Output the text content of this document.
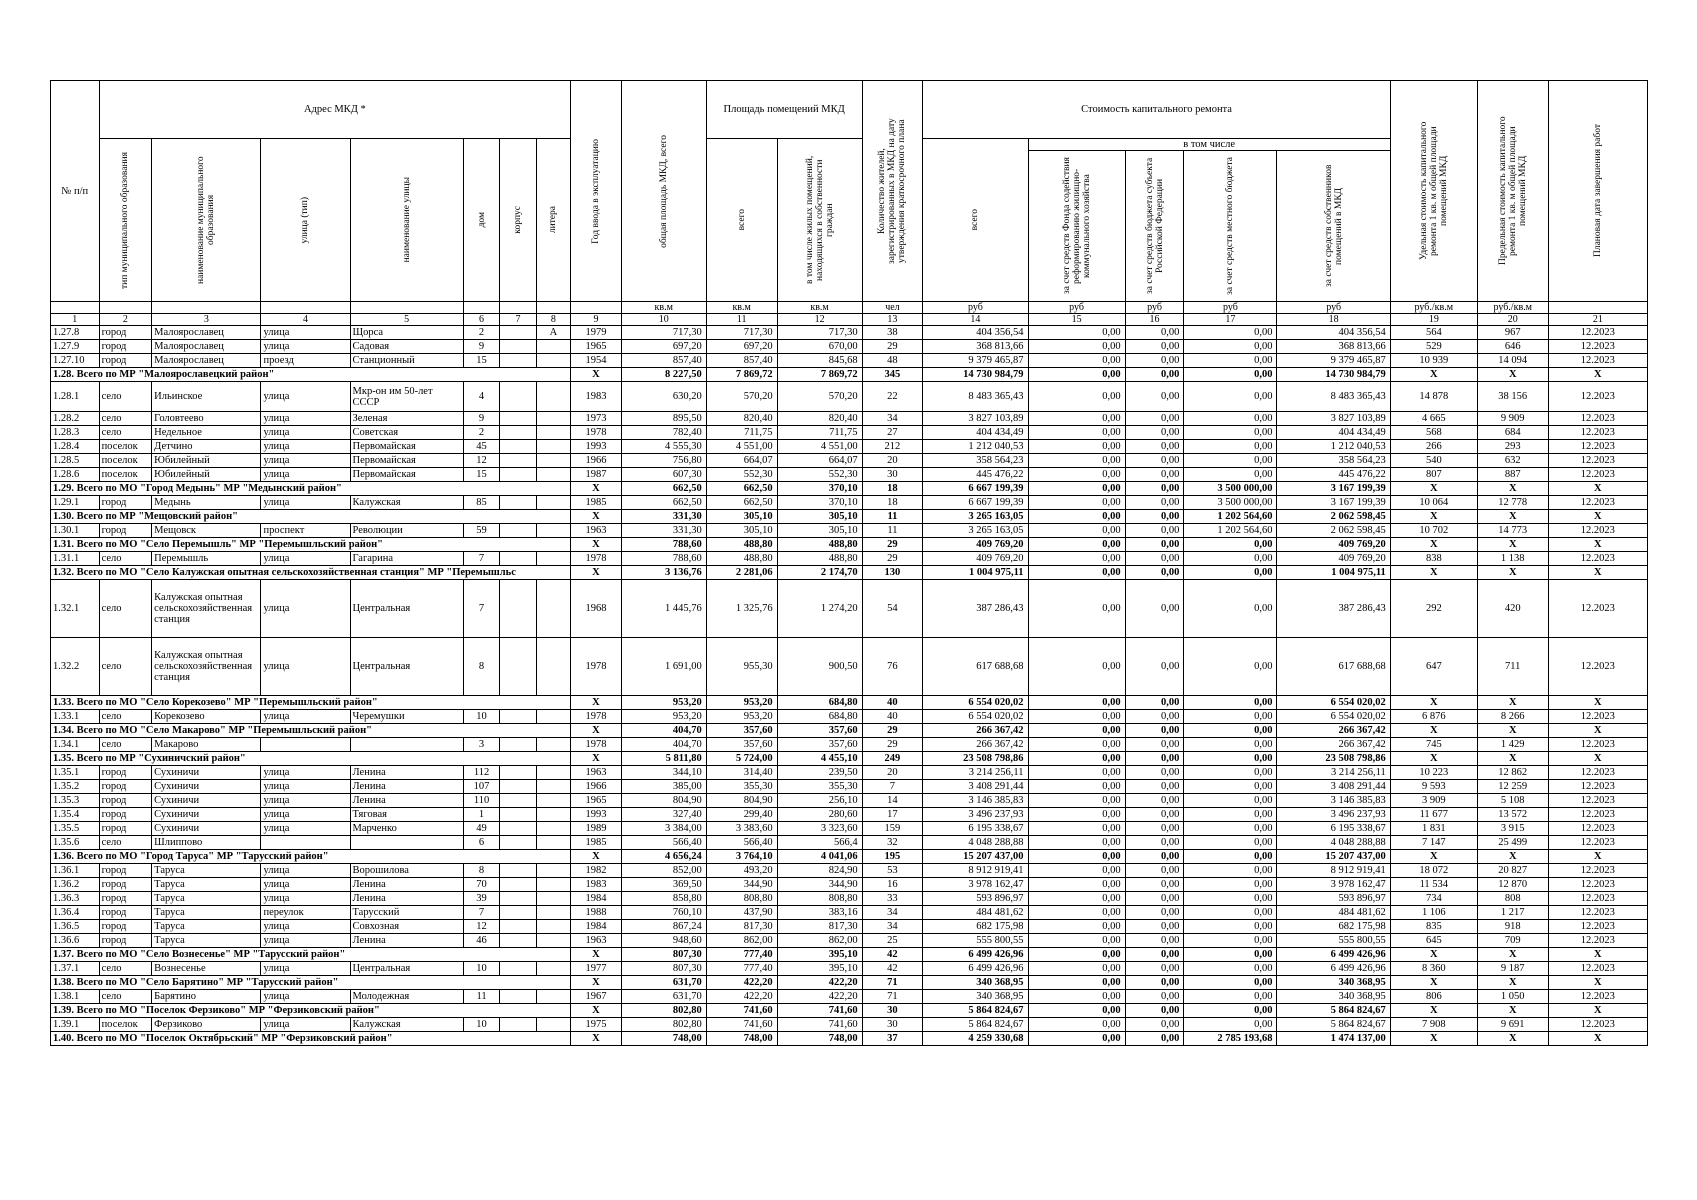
№ п/п	Адрес МКД *							Год ввода в эксплуатацию	общая площадь МКД, всего	Площадь помещений МКД		Количество жителей, зарегистрированных в МКД на дату утверждения краткосрочного плана	Стоимость капитального ремонта					Удельная стоимость капитального ремонта 1 кв. м общей площади помещений МКД	Предельная стоимость капитального ремонта 1 кв. м общей площади помещений МКД	Плановая дата завершения работ

	тип муниципального образования	наименование муниципального образования	улица (тип)	наименование улицы	дом	корпус	литера			всего	в том числе жилых помещений, находящихся в собственности граждан		всего	в том числе						

														за счет средств Фонда содействия реформированию жилищно-коммунального хозяйства	за счет средств бюджета субъекта Российской Федерации	за счет средств местного бюджета	за счет средств собственников помещений в МКД			

									кв.м	кв.м	кв.м	чел	руб	руб	руб	руб	руб	руб./кв.м	руб./кв.м	
1	2	3	4	5	6	7	8	9	10	11	12	13	14	15	16	17	18	19	20	21
1.27.8	город	Малоярославец	улица	Щорса	2		А	1979	717,30	717,30	717,30	38	404 356,54	0,00	0,00	0,00	404 356,54	564	967	12.2023
1.27.9	город	Малоярославец	улица	Садовая	9			1965	697,20	697,20	670,00	29	368 813,66	0,00	0,00	0,00	368 813,66	529	646	12.2023
1.27.10	город	Малоярославец	проезд	Станционный	15			1954	857,40	857,40	845,68	48	9 379 465,87	0,00	0,00	0,00	9 379 465,87	10 939	14 094	12.2023
1.28. Всего по МР "Малоярославецкий район"								X	8 227,50	7 869,72	7 869,72	345	14 730 984,79	0,00	0,00	0,00	14 730 984,79	X	X	X
1.28.1	село	Ильинское	улица	Мкр-он им 50-лет СССР	4			1983	630,20	570,20	570,20	22	8 483 365,43	0,00	0,00	0,00	8 483 365,43	14 878	38 156	12.2023
1.28.2	село	Головтеево	улица	Зеленая	9			1973	895,50	820,40	820,40	34	3 827 103,89	0,00	0,00	0,00	3 827 103,89	4 665	9 909	12.2023
1.28.3	село	Недельное	улица	Советская	2			1978	782,40	711,75	711,75	27	404 434,49	0,00	0,00	0,00	404 434,49	568	684	12.2023
1.28.4	поселок	Детчино	улица	Первомайская	45			1993	4 555,30	4 551,00	4 551,00	212	1 212 040,53	0,00	0,00	0,00	1 212 040,53	266	293	12.2023
1.28.5	поселок	Юбилейный	улица	Первомайская	12			1966	756,80	664,07	664,07	20	358 564,23	0,00	0,00	0,00	358 564,23	540	632	12.2023
1.28.6	поселок	Юбилейный	улица	Первомайская	15			1987	607,30	552,30	552,30	30	445 476,22	0,00	0,00	0,00	445 476,22	807	887	12.2023
1.29. Всего по МО "Город Медынь" МР "Медынский район"								X	662,50	662,50	370,10	18	6 667 199,39	0,00	0,00	3 500 000,00	3 167 199,39	X	X	X
1.29.1	город	Медынь	улица	Калужская	85			1985	662,50	662,50	370,10	18	6 667 199,39	0,00	0,00	3 500 000,00	3 167 199,39	10 064	12 778	12.2023
1.30. Всего по МР "Мещовский район"								X	331,30	305,10	305,10	11	3 265 163,05	0,00	0,00	1 202 564,60	2 062 598,45	X	X	X
1.30.1	город	Мещовск	проспект	Революции	59			1963	331,30	305,10	305,10	11	3 265 163,05	0,00	0,00	1 202 564,60	2 062 598,45	10 702	14 773	12.2023
1.31. Всего по МО "Село Перемышль" МР "Перемышльский район"								X	788,60	488,80	488,80	29	409 769,20	0,00	0,00	0,00	409 769,20	X	X	X
1.31.1	село	Перемышль	улица	Гагарина	7			1978	788,60	488,80	488,80	29	409 769,20	0,00	0,00	0,00	409 769,20	838	1 138	12.2023
1.32. Всего по МО "Село Калужская опытная сельскохозяйственная станция" МР "Перемышльс								X	3 136,76	2 281,06	2 174,70	130	1 004 975,11	0,00	0,00	0,00	1 004 975,11	X	X	X
1.32.1	село	Калужская опытная сельскохозяйственная станция	улица	Центральная	7			1968	1 445,76	1 325,76	1 274,20	54	387 286,43	0,00	0,00	0,00	387 286,43	292	420	12.2023
1.32.2	село	Калужская опытная сельскохозяйственная станция	улица	Центральная	8			1978	1 691,00	955,30	900,50	76	617 688,68	0,00	0,00	0,00	617 688,68	647	711	12.2023
1.33. Всего по МО "Село Корекозево" МР "Перемышльский район"								X	953,20	953,20	684,80	40	6 554 020,02	0,00	0,00	0,00	6 554 020,02	X	X	X
1.33.1	село	Корекозево	улица	Черемушки	10			1978	953,20	953,20	684,80	40	6 554 020,02	0,00	0,00	0,00	6 554 020,02	6 876	8 266	12.2023
1.34. Всего по МО "Село Макарово" МР "Перемышльский район"								X	404,70	357,60	357,60	29	266 367,42	0,00	0,00	0,00	266 367,42	X	X	X
1.34.1	село	Макарово			3			1978	404,70	357,60	357,60	29	266 367,42	0,00	0,00	0,00	266 367,42	745	1 429	12.2023
1.35. Всего по МР "Сухиничский район"								X	5 811,80	5 724,00	4 455,10	249	23 508 798,86	0,00	0,00	0,00	23 508 798,86	X	X	X
1.35.1	город	Сухиничи	улица	Ленина	112			1963	344,10	314,40	239,50	20	3 214 256,11	0,00	0,00	0,00	3 214 256,11	10 223	12 862	12.2023
1.35.2	город	Сухиничи	улица	Ленина	107			1966	385,00	355,30	355,30	7	3 408 291,44	0,00	0,00	0,00	3 408 291,44	9 593	12 259	12.2023
1.35.3	город	Сухиничи	улица	Ленина	110			1965	804,90	804,90	256,10	14	3 146 385,83	0,00	0,00	0,00	3 146 385,83	3 909	5 108	12.2023
1.35.4	город	Сухиничи	улица	Тяговая	1			1993	327,40	299,40	280,60	17	3 496 237,93	0,00	0,00	0,00	3 496 237,93	11 677	13 572	12.2023
1.35.5	город	Сухиничи	улица	Марченко	49			1989	3 384,00	3 383,60	3 323,60	159	6 195 338,67	0,00	0,00	0,00	6 195 338,67	1 831	3 915	12.2023
1.35.6	село	Шлиппово			6			1985	566,40	566,40	566,4	32	4 048 288,88	0,00	0,00	0,00	4 048 288,88	7 147	25 499	12.2023
1.36. Всего по МО "Город Таруса" МР "Тарусский район"								X	4 656,24	3 764,10	4 041,06	195	15 207 437,00	0,00	0,00	0,00	15 207 437,00	X	X	X
1.36.1	город	Таруса	улица	Ворошилова	8			1982	852,00	493,20	824,90	53	8 912 919,41	0,00	0,00	0,00	8 912 919,41	18 072	20 827	12.2023
1.36.2	город	Таруса	улица	Ленина	70			1983	369,50	344,90	344,90	16	3 978 162,47	0,00	0,00	0,00	3 978 162,47	11 534	12 870	12.2023
1.36.3	город	Таруса	улица	Ленина	39			1984	858,80	808,80	808,80	33	593 896,97	0,00	0,00	0,00	593 896,97	734	808	12.2023
1.36.4	город	Таруса	переулок	Тарусский	7			1988	760,10	437,90	383,16	34	484 481,62	0,00	0,00	0,00	484 481,62	1 106	1 217	12.2023
1.36.5	город	Таруса	улица	Совхозная	12			1984	867,24	817,30	817,30	34	682 175,98	0,00	0,00	0,00	682 175,98	835	918	12.2023
1.36.6	город	Таруса	улица	Ленина	46			1963	948,60	862,00	862,00	25	555 800,55	0,00	0,00	0,00	555 800,55	645	709	12.2023
1.37. Всего по МО "Село Вознесенье" МР "Тарусский район"								X	807,30	777,40	395,10	42	6 499 426,96	0,00	0,00	0,00	6 499 426,96	X	X	X
1.37.1	село	Вознесенье	улица	Центральная	10			1977	807,30	777,40	395,10	42	6 499 426,96	0,00	0,00	0,00	6 499 426,96	8 360	9 187	12.2023
1.38. Всего по МО "Село Барятино" МР "Тарусский район"								X	631,70	422,20	422,20	71	340 368,95	0,00	0,00	0,00	340 368,95	X	X	X
1.38.1	село	Барятино	улица	Молодежная	11			1967	631,70	422,20	422,20	71	340 368,95	0,00	0,00	0,00	340 368,95	806	1 050	12.2023
1.39. Всего по МО "Поселок Ферзиково" МР "Ферзиковский район"								X	802,80	741,60	741,60	30	5 864 824,67	0,00	0,00	0,00	5 864 824,67	X	X	X
1.39.1	поселок	Ферзиково	улица	Калужская	10			1975	802,80	741,60	741,60	30	5 864 824,67	0,00	0,00	0,00	5 864 824,67	7 908	9 691	12.2023
1.40. Всего по МО "Поселок Октябрьский" МР "Ферзиковский район"								X	748,00	748,00	748,00	37	4 259 330,68	0,00	0,00	2 785 193,68	1 474 137,00	X	X	X
